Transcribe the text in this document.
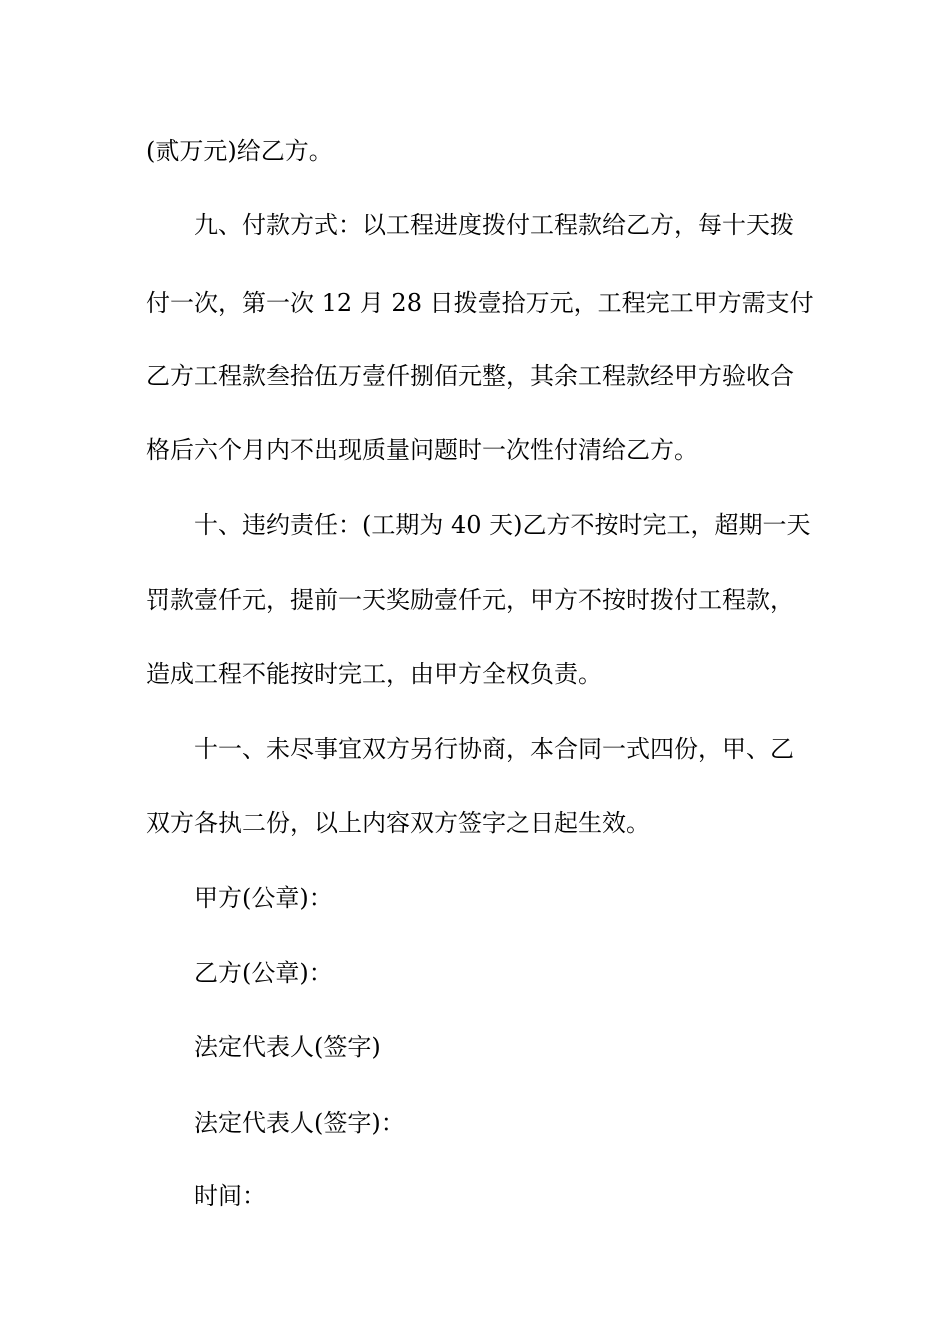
(贰万元)给乙方。
九、付款方式：以工程进度拨付工程款给乙方，每十天拨
付一次，第一次 12 月 28 日拨壹拾万元，工程完工甲方需支付
乙方工程款叁拾伍万壹仟捌佰元整，其余工程款经甲方验收合
格后六个月内不出现质量问题时一次性付清给乙方。
十、违约责任：(工期为 40 天)乙方不按时完工，超期一天
罚款壹仟元，提前一天奖励壹仟元，甲方不按时拨付工程款，
造成工程不能按时完工，由甲方全权负责。
十一、未尽事宜双方另行协商，本合同一式四份，甲、乙
双方各执二份，以上内容双方签字之日起生效。
甲方(公章)：
乙方(公章)：
法定代表人(签字)
法定代表人(签字)：
时间：
